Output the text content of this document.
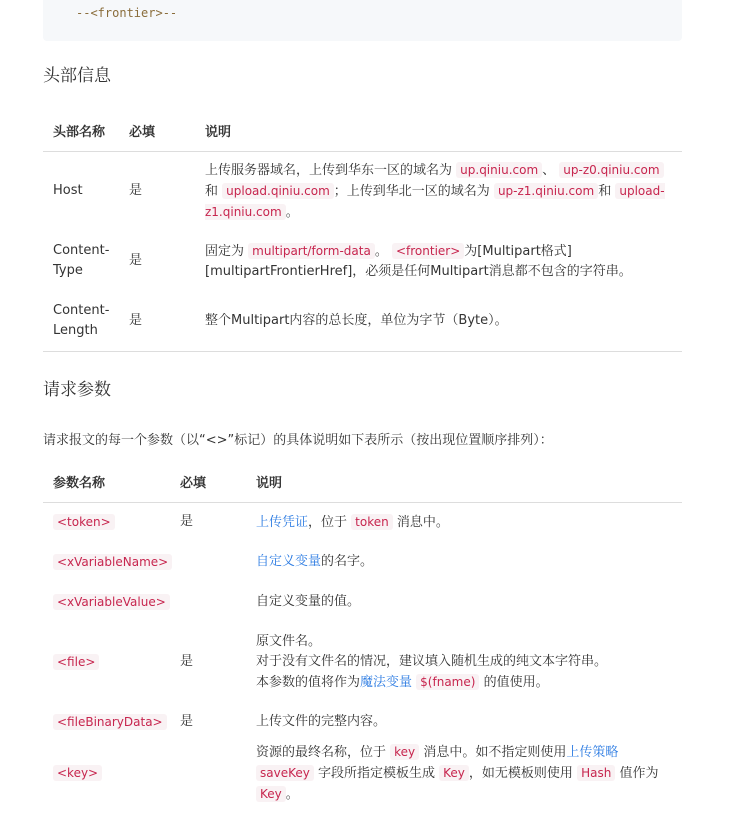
--<frontier>--
头部信息
头部名称	必填	说明
Host	是	上传服务器域名，上传到华东一区的域名为 up.qiniu.com 、 up-z0.qiniu.com 和 upload.qiniu.com ；上传到华北一区的域名为 up-z1.qiniu.com 和 upload-z1.qiniu.com 。
Content-Type	是	固定为 multipart/form-data 。 <frontier> 为[Multipart格式][multipartFrontierHref]，必须是任何Multipart消息都不包含的字符串。
Content-Length	是	整个Multipart内容的总长度，单位为字节（Byte）。
请求参数
请求报文的每一个参数（以“<>”标记）的具体说明如下表所示（按出现位置顺序排列）：
参数名称	必填	说明
<token>	是	上传凭证，位于 token 消息中。
<xVariableName>		自定义变量的名字。
<xVariableValue>		自定义变量的值。
<file>	是	原文件名。
对于没有文件名的情况，建议填入随机生成的纯文本字符串。
本参数的值将作为魔法变量 $(fname) 的值使用。
<fileBinaryData>	是	上传文件的完整内容。
<key>		资源的最终名称，位于 key 消息中。如不指定则使用上传策略 saveKey 字段所指定模板生成 Key ，如无模板则使用 Hash 值作为 Key 。
